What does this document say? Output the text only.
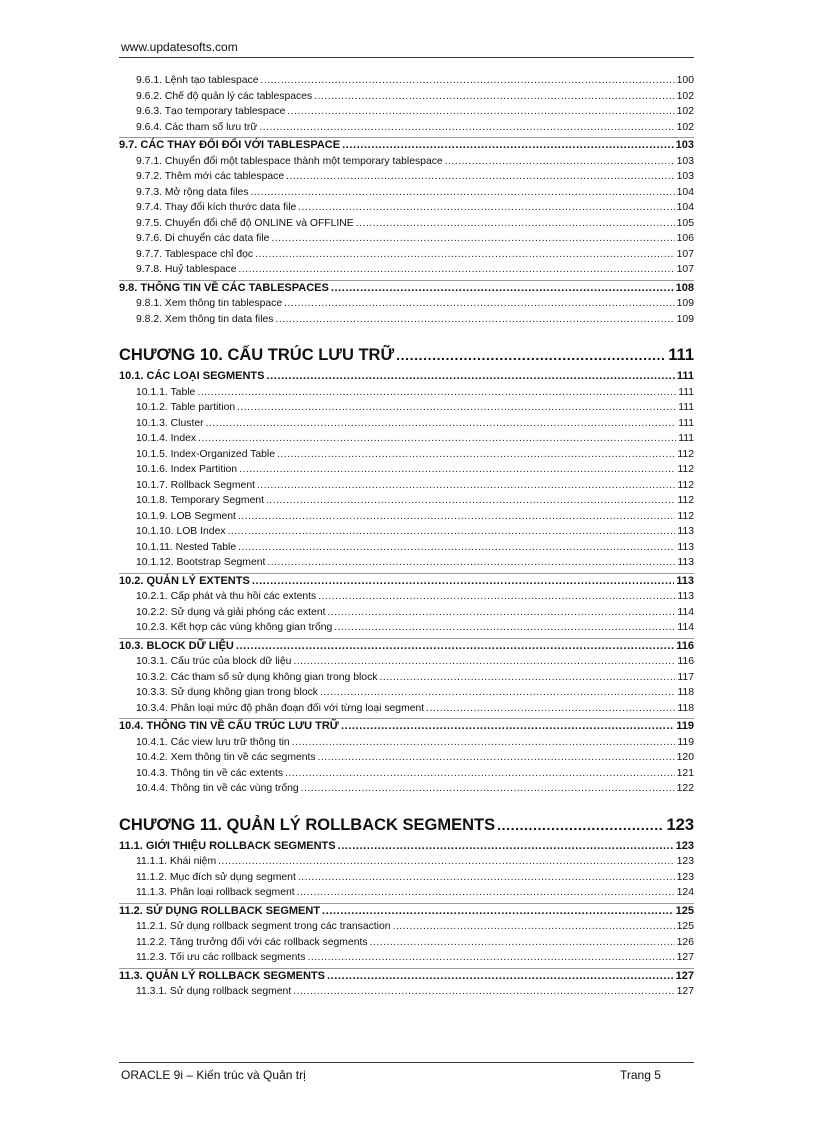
www.updatesofts.com
9.6.1. Lệnh tạo tablespace .....	100
9.6.2. Chế độ quản lý các tablespaces .....	102
9.6.3. Tạo temporary tablespace .....	102
9.6.4. Các tham số lưu trữ .....	102
9.7. CÁC THAY ĐỔI ĐỐI VỚI TABLESPACE .....	103
9.7.1. Chuyển đổi một tablespace thành một temporary tablespace .....	103
9.7.2. Thêm mới các tablespace .....	103
9.7.3. Mở rộng data files .....	104
9.7.4. Thay đổi kích thước data file .....	104
9.7.5. Chuyển đổi chế độ ONLINE và OFFLINE .....	105
9.7.6. Di chuyển các data file .....	106
9.7.7. Tablespace chỉ đọc .....	107
9.7.8. Huỷ tablespace .....	107
9.8. THÔNG TIN VỀ CÁC TABLESPACES .....	108
9.8.1. Xem thông tin tablespace .....	109
9.8.2. Xem thông tin data files .....	109
CHƯƠNG 10. CẤU TRÚC LƯU TRỮ .....	111
10.1. CÁC LOẠI SEGMENTS .....	111
10.1.1. Table .....	111
10.1.2. Table partition .....	111
10.1.3. Cluster .....	111
10.1.4. Index .....	111
10.1.5. Index-Organized Table .....	112
10.1.6. Index Partition .....	112
10.1.7. Rollback Segment .....	112
10.1.8. Temporary Segment .....	112
10.1.9. LOB Segment .....	112
10.1.10. LOB Index .....	113
10.1.11. Nested Table .....	113
10.1.12. Bootstrap Segment .....	113
10.2. QUẢN LÝ EXTENTS .....	113
10.2.1. Cấp phát và thu hồi các extents .....	113
10.2.2. Sử dụng và giải phóng các extent .....	114
10.2.3. Kết hợp các vùng không gian trống .....	114
10.3. BLOCK DỮ LIỆU .....	116
10.3.1. Cấu trúc của block dữ liệu .....	116
10.3.2. Các tham số sử dụng không gian trong block .....	117
10.3.3. Sử dụng không gian trong block .....	118
10.3.4. Phân loại mức độ phân đoạn đối với từng loại segment .....	118
10.4. THÔNG TIN VỀ CẤU TRÚC LƯU TRỮ .....	119
10.4.1. Các view lưu trữ thông tin .....	119
10.4.2. Xem thông tin về các segments .....	120
10.4.3. Thông tin về các extents .....	121
10.4.4. Thông tin về các vùng trống .....	122
CHƯƠNG 11. QUẢN LÝ ROLLBACK SEGMENTS .....	123
11.1. GIỚI THIỆU ROLLBACK SEGMENTS .....	123
11.1.1. Khái niệm .....	123
11.1.2. Mục đích sử dụng segment .....	123
11.1.3. Phân loại rollback segment .....	124
11.2. SỬ DỤNG ROLLBACK SEGMENT .....	125
11.2.1. Sử dụng rollback segment trong các transaction .....	125
11.2.2. Tăng trưởng đối với các rollback segments .....	126
11.2.3. Tối ưu các rollback segments .....	127
11.3. QUẢN LÝ ROLLBACK SEGMENTS .....	127
11.3.1. Sử dụng rollback segment .....	127
ORACLE 9i – Kiến trúc và Quản trị	Trang 5
